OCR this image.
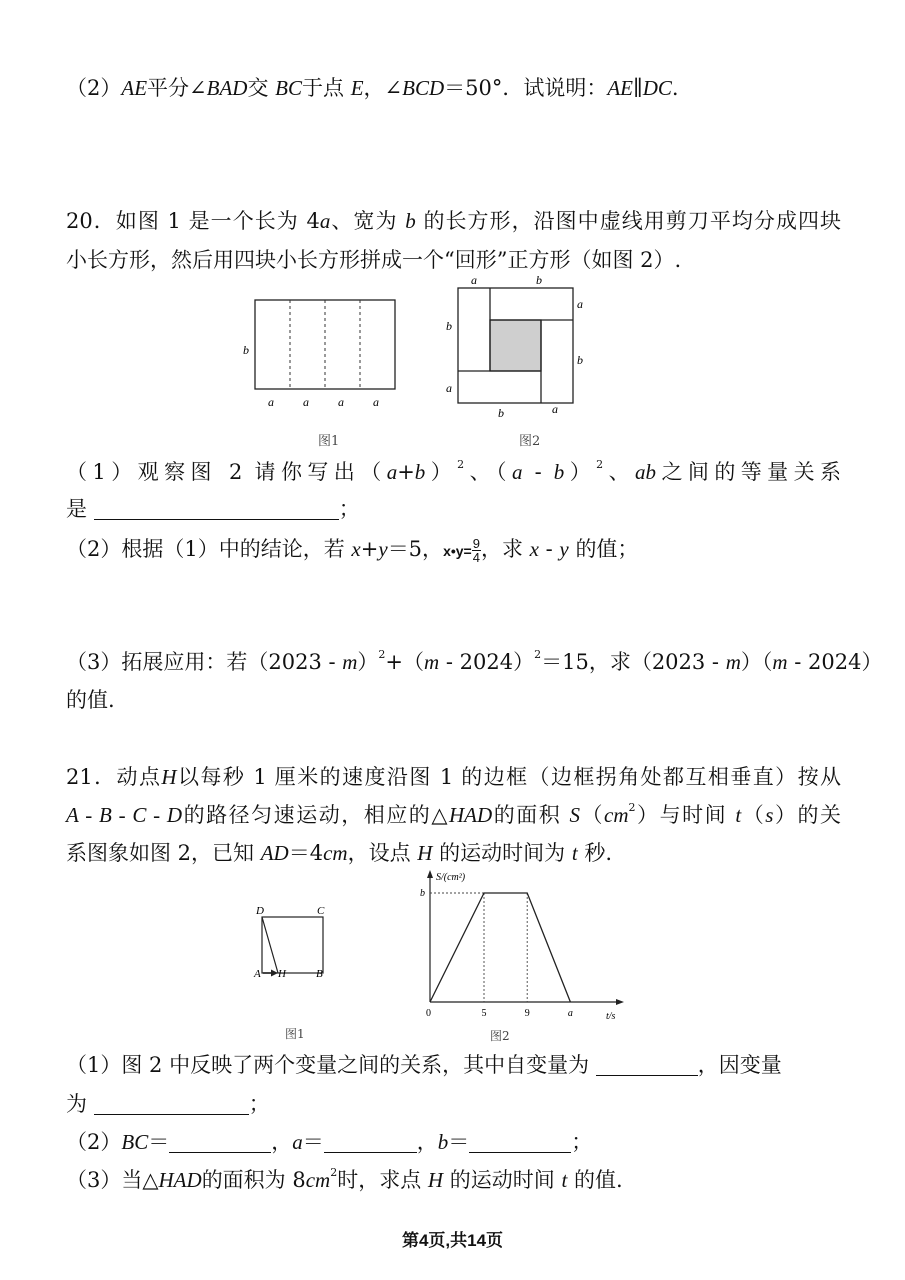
（2）AE平分∠BAD交 BC于点 E，∠BCD＝50°．试说明：AE∥DC.
20．如图 1 是一个长为 4a、宽为 b 的长方形，沿图中虚线用剪刀平均分成四块
小长方形，然后用四块小长方形拼成一个“回形”正方形（如图 2）.
b
a a a a
图1
a	b
a
b
b
a
b	a
图2
（1）观察图 2 请你写出$(a+b)^2$、（a - b）$^2$、ab之间的等量关系
是	；
（2）根据（1）中的结论，若 x+y＝5，x•y= $\frac{9}{4}$ ，求 x - y 的值；
（3）拓展应用：若（2023 - m）$^2$+（m - 2024）$^2$＝15，求（2023 - m）（m - 2024）
的值.
21．动点H以每秒 1 厘米的速度沿图 1 的边框（边框拐角处都互相垂直）按从
A - B - C - D的路径匀速运动，相应的△HAD的面积 $S(cm^2)$与时间 t（s）的关
系图象如图 2，已知 AD＝4cm，设点 H 的运动时间为 t 秒.
D	C
A H	B
图1
S/(cm²)
t/s
0
b
5	9	a
图2
（1）图 2 中反映了两个变量之间的关系，其中自变量为	，因变量
为	；
（2）BC＝	，a＝	，b＝	；
（3）当△HAD的面积为 $8cm^2$时，求点 H 的运动时间 t 的值.
第4页,共14页
